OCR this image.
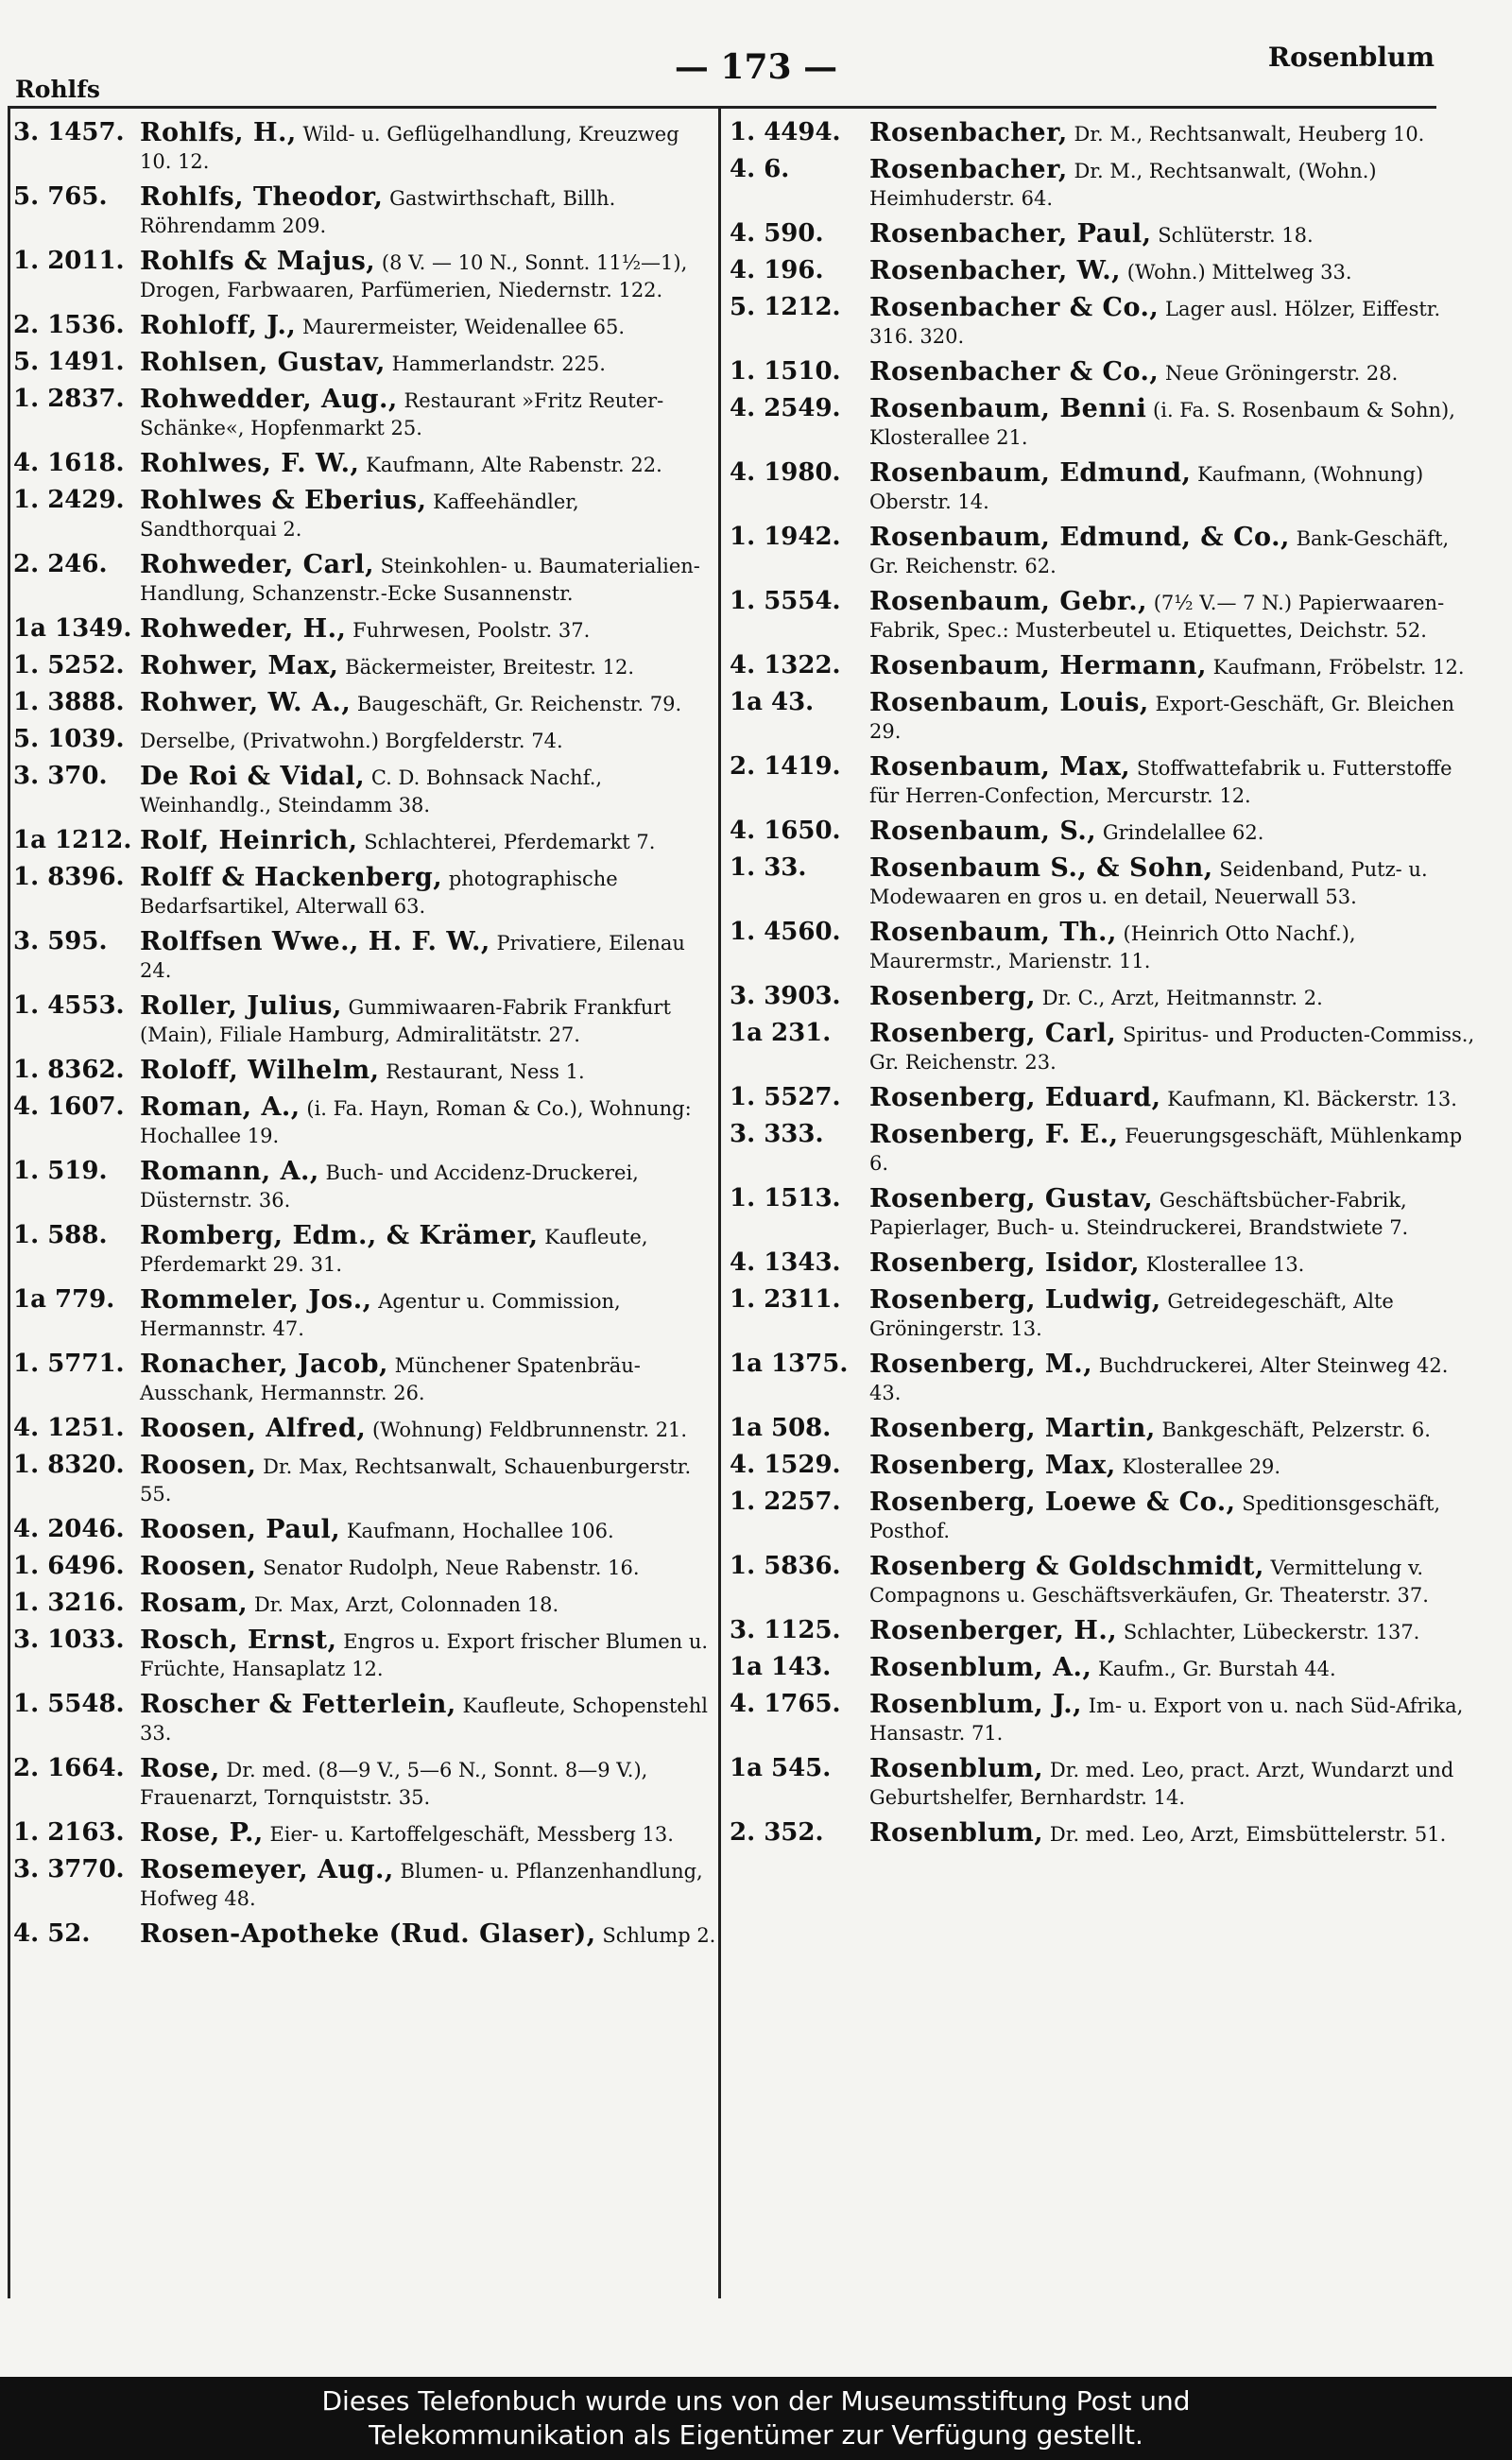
Rohlfs
— 173 —	Rosenblum
3. 1457. Rohlfs, H., Wild- u. Geflügelhandlung, Kreuzweg 10. 12.
5. 765.	Rohlfs, Theodor, Gastwirthschaft, Billh. Röhrendamm 209.
1. 2011. Rohlfs & Majus, (8 V. — 10 N., Sonnt. 11½—1), Drogen, Farbwaaren, Parfümerien, Niedernstr. 122.
2. 1536. Rohloff, J., Maurermeister, Weidenallee 65.
5. 1491. Rohlsen, Gustav, Hammerlandstr. 225.
1. 2837. Rohwedder, Aug., Restaurant »Fritz Reuter-Schänke«, Hopfenmarkt 25.
4. 1618. Rohlwes, F. W., Kaufmann, Alte Rabenstr. 22.
1. 2429. Rohlwes & Eberius, Kaffeehändler, Sandthorquai 2.
2. 246.	Rohweder, Carl, Steinkohlen- u. Baumaterialien-Handlung, Schanzenstr.-Ecke Susannenstr.
1a 1349. Rohweder, H., Fuhrwesen, Poolstr. 37.
1. 5252. Rohwer, Max, Bäckermeister, Breitestr. 12.
1. 3888. Rohwer, W. A., Baugeschäft, Gr. Reichenstr. 79.
5. 1039. Derselbe, (Privatwohn.) Borgfelderstr. 74.
3. 370.	De Roi & Vidal, C. D. Bohnsack Nachf., Weinhandlg., Steindamm 38.
1a 1212. Rolf, Heinrich, Schlachterei, Pferdemarkt 7.
1. 8396. Rolff & Hackenberg, photographische Bedarfsartikel, Alterwall 63.
3. 595.	Rolffsen Wwe., H. F. W., Privatiere, Eilenau 24.
1. 4553. Roller, Julius, Gummiwaaren-Fabrik Frankfurt (Main), Filiale Hamburg, Admiralitätstr. 27.
1. 8362. Roloff, Wilhelm, Restaurant, Ness 1.
4. 1607. Roman, A., (i. Fa. Hayn, Roman & Co.), Wohnung: Hochallee 19.
1. 519.	Romann, A., Buch- und Accidenz-Druckerei, Düsternstr. 36.
1. 588.	Romberg, Edm., & Krämer, Kaufleute, Pferdemarkt 29. 31.
1a 779. Rommeler, Jos., Agentur u. Commission, Hermannstr. 47.
1. 5771. Ronacher, Jacob, Münchener Spatenbräu-Ausschank, Hermannstr. 26.
4. 1251. Roosen, Alfred, (Wohnung) Feldbrunnenstr. 21.
1. 8320. Roosen, Dr. Max, Rechtsanwalt, Schauenburgerstr. 55.
4. 2046. Roosen, Paul, Kaufmann, Hochallee 106.
1. 6496. Roosen, Senator Rudolph, Neue Rabenstr. 16.
1. 3216. Rosam, Dr. Max, Arzt, Colonnaden 18.
3. 1033. Rosch, Ernst, Engros u. Export frischer Blumen u. Früchte, Hansaplatz 12.
1. 5548. Roscher & Fetterlein, Kaufleute, Schopenstehl 33.
2. 1664. Rose, Dr. med. (8—9 V., 5—6 N., Sonnt. 8—9 V.), Frauenarzt, Tornquiststr. 35.
1. 2163. Rose, P., Eier- u. Kartoffelgeschäft, Messberg 13.
3. 3770. Rosemeyer, Aug., Blumen- u. Pflanzenhandlung, Hofweg 48.
4. 52.	Rosen-Apotheke (Rud. Glaser), Schlump 2.
1. 4494.	Rosenbacher, Dr. M., Rechtsanwalt, Heuberg 10.
4. 6.	Rosenbacher, Dr. M., Rechtsanwalt, (Wohn.) Heimhuderstr. 64.
4. 590.	Rosenbacher, Paul, Schlüterstr. 18.
4. 196.	Rosenbacher, W., (Wohn.) Mittelweg 33.
5. 1212.	Rosenbacher & Co., Lager ausl. Hölzer, Eiffestr. 316. 320.
1. 1510.	Rosenbacher & Co., Neue Gröningerstr. 28.
4. 2549.	Rosenbaum, Benni (i. Fa. S. Rosenbaum & Sohn), Klosterallee 21.
4. 1980.	Rosenbaum, Edmund, Kaufmann, (Wohnung) Oberstr. 14.
1. 1942.	Rosenbaum, Edmund, & Co., Bank-Geschäft, Gr. Reichenstr. 62.
1. 5554.	Rosenbaum, Gebr., (7½ V.— 7 N.) Papierwaaren-Fabrik, Spec.: Musterbeutel u. Etiquettes, Deichstr. 52.
4. 1322.	Rosenbaum, Hermann, Kaufmann, Fröbelstr. 12.
1a 43.	Rosenbaum, Louis, Export-Geschäft, Gr. Bleichen 29.
2. 1419.	Rosenbaum, Max, Stoffwattefabrik u. Futterstoffe für Herren-Confection, Mercurstr. 12.
4. 1650.	Rosenbaum, S., Grindelallee 62.
1. 33.	Rosenbaum S., & Sohn, Seidenband, Putz- u. Modewaaren en gros u. en detail, Neuerwall 53.
1. 4560.	Rosenbaum, Th., (Heinrich Otto Nachf.), Maurermstr., Marienstr. 11.
3. 3903.	Rosenberg, Dr. C., Arzt, Heitmannstr. 2.
1a 231.	Rosenberg, Carl, Spiritus- und Producten-Commiss., Gr. Reichenstr. 23.
1. 5527.	Rosenberg, Eduard, Kaufmann, Kl. Bäckerstr. 13.
3. 333.	Rosenberg, F. E., Feuerungsgeschäft, Mühlenkamp 6.
1. 1513.	Rosenberg, Gustav, Geschäftsbücher-Fabrik, Papierlager, Buch- u. Steindruckerei, Brandstwiete 7.
4. 1343.	Rosenberg, Isidor, Klosterallee 13.
1. 2311.	Rosenberg, Ludwig, Getreidegeschäft, Alte Gröningerstr. 13.
1a 1375. Rosenberg, M., Buchdruckerei, Alter Steinweg 42. 43.
1a 508.	Rosenberg, Martin, Bankgeschäft, Pelzerstr. 6.
4. 1529.	Rosenberg, Max, Klosterallee 29.
1. 2257.	Rosenberg, Loewe & Co., Speditionsgeschäft, Posthof.
1. 5836.	Rosenberg & Goldschmidt, Vermittelung v. Compagnons u. Geschäftsverkäufen, Gr. Theaterstr. 37.
3. 1125.	Rosenberger, H., Schlachter, Lübeckerstr. 137.
1a 143.	Rosenblum, A., Kaufm., Gr. Burstah 44.
4. 1765.	Rosenblum, J., Im- u. Export von u. nach Süd-Afrika, Hansastr. 71.
1a 545.	Rosenblum, Dr. med. Leo, pract. Arzt, Wundarzt und Geburtshelfer, Bernhardstr. 14.
2. 352.	Rosenblum, Dr. med. Leo, Arzt, Eimsbüttelerstr. 51.
Dieses Telefonbuch wurde uns von der Museumsstiftung Post und
Telekommunikation als Eigentümer zur Verfügung gestellt.
